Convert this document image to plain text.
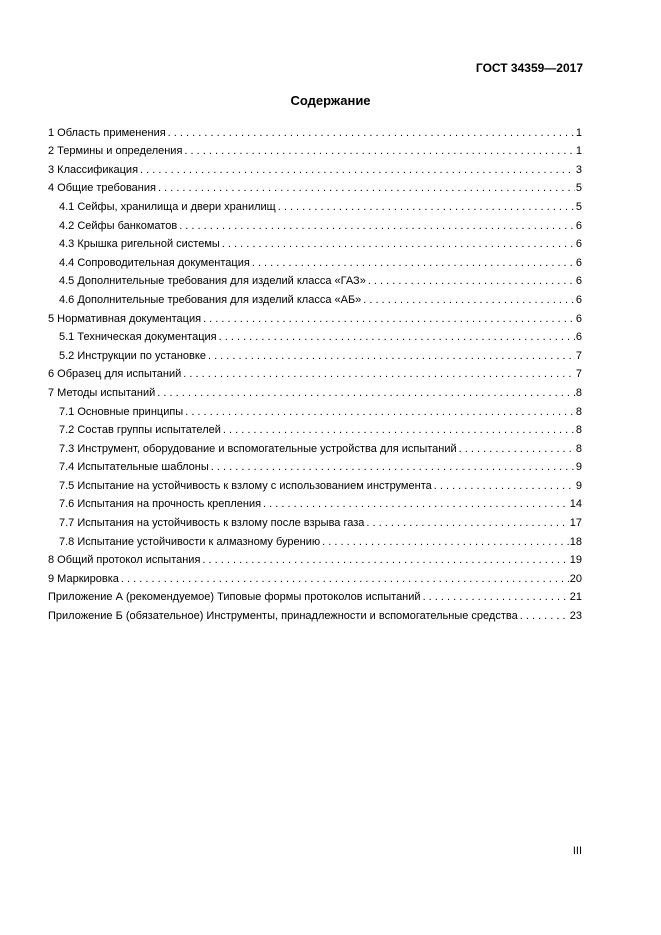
ГОСТ 34359—2017
Содержание
1 Область применения . . .	1
2 Термины и определения . . .	1
3 Классификация . . .	3
4 Общие требования . . .	5
4.1 Сейфы, хранилища и двери хранилищ . . .	5
4.2 Сейфы банкоматов . . .	6
4.3 Крышка ригельной системы . . .	6
4.4 Сопроводительная документация . . .	6
4.5 Дополнительные требования для изделий класса «ГАЗ» . . .	6
4.6 Дополнительные требования для изделий класса «АБ» . . .	6
5 Нормативная документация . . .	6
5.1 Техническая документация . . .	6
5.2 Инструкции по установке . . .	7
6 Образец для испытаний . . .	7
7 Методы испытаний . . .	8
7.1 Основные принципы . . .	8
7.2 Состав группы испытателей . . .	8
7.3 Инструмент, оборудование и вспомогательные устройства для испытаний . . .	8
7.4 Испытательные шаблоны . . .	9
7.5 Испытание на устойчивость к взлому с использованием инструмента . . .	9
7.6 Испытания на прочность крепления . . .	14
7.7 Испытания на устойчивость к взлому после взрыва газа . . .	17
7.8 Испытание устойчивости к алмазному бурению . . .	18
8 Общий протокол испытания . . .	19
9 Маркировка . . .	20
Приложение А (рекомендуемое) Типовые формы протоколов испытаний . . .	21
Приложение Б (обязательное) Инструменты, принадлежности и вспомогательные средства . . .	23
III
